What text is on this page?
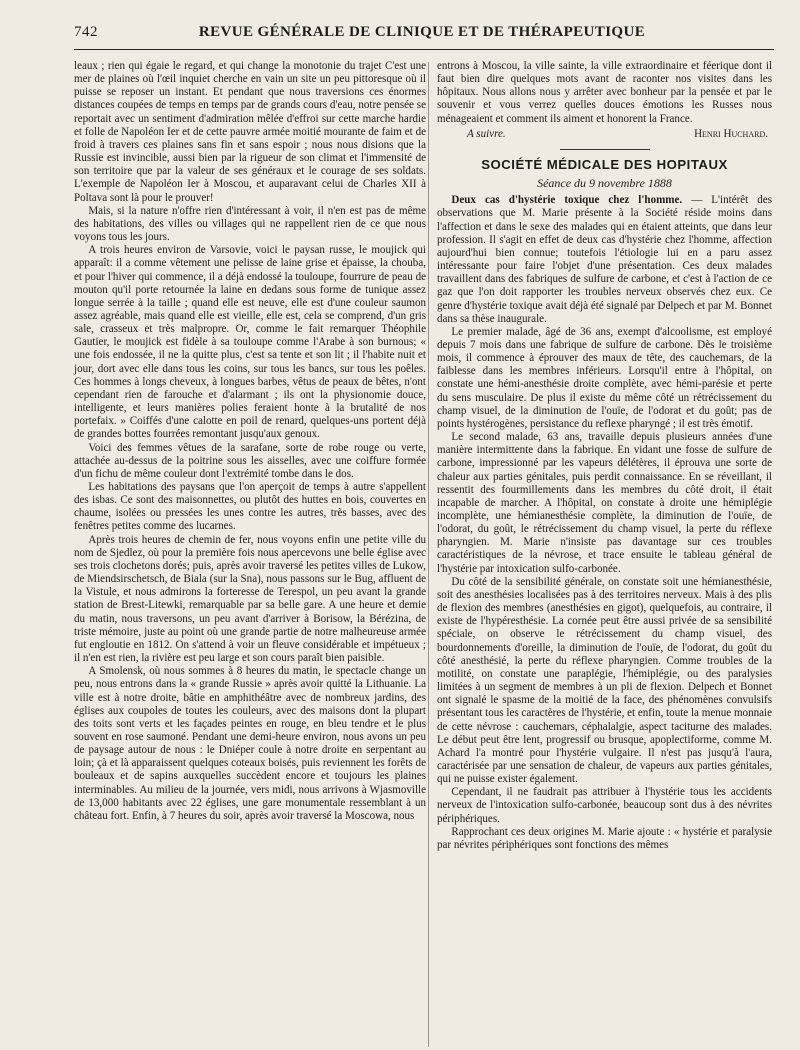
742	REVUE GÉNÉRALE DE CLINIQUE ET DE THÉRAPEUTIQUE

leaux ; rien qui égaie le regard, et qui change la monotonie du trajet C'est une mer de plaines où l'œil inquiet cherche en vain un site un peu pittoresque où il puisse se reposer un instant. Et pendant que nous traversions ces énormes distances coupées de temps en temps par de grands cours d'eau, notre pensée se reportait avec un sentiment d'admiration mêlée d'effroi sur cette marche hardie et folle de Napoléon Ier et de cette pauvre armée moitié mourante de faim et de froid à travers ces plaines sans fin et sans espoir ; nous nous disions que la Russie est invincible, aussi bien par la rigueur de son climat et l'immensité de son territoire que par la valeur de ses généraux et le courage de ses soldats. L'exemple de Napoléon Ier à Moscou, et auparavant celui de Charles XII à Poltava sont là pour le prouver!

Mais, si la nature n'offre rien d'intéressant à voir, il n'en est pas de même des habitations, des villes ou villages qui ne rappellent rien de ce que nous voyons tous les jours.

A trois heures environ de Varsovie, voici le paysan russe, le moujick qui apparaît: il a comme vêtement une pelisse de laine grise et épaisse, la chouba, et pour l'hiver qui commence, il a déjà endossé la touloupe, fourrure de peau de mouton qu'il porte retournée la laine en dedans sous forme de tunique assez longue serrée à la taille ; quand elle est neuve, elle est d'une couleur saumon assez agréable, mais quand elle est vieille, elle est, cela se comprend, d'un gris sale, crasseux et très malpropre. Or, comme le fait remarquer Théophile Gautier, le moujick est fidèle à sa touloupe comme l'Arabe à son burnous; « une fois endossée, il ne la quitte plus, c'est sa tente et son lit ; il l'habite nuit et jour, dort avec elle dans tous les coins, sur tous les bancs, sur tous les poêles. Ces hommes à longs cheveux, à longues barbes, vêtus de peaux de bêtes, n'ont cependant rien de farouche et d'alarmant ; ils ont la physionomie douce, intelligente, et leurs manières polies feraient honte à la brutalité de nos portefaix. » Coiffés d'une calotte en poil de renard, quelques-uns portent déjà de grandes bottes fourrées remontant jusqu'aux genoux.

Voici des femmes vêtues de la sarafane, sorte de robe rouge ou verte, attachée au-dessus de la poitrine sous les aisselles, avec une coiffure formée d'un fichu de même couleur dont l'extrémité tombe dans le dos.

Les habitations des paysans que l'on aperçoit de temps à autre s'appellent des isbas. Ce sont des maisonnettes, ou plutôt des huttes en bois, couvertes en chaume, isolées ou pressées les unes contre les autres, très basses, avec des fenêtres petites comme des lucarnes.

Après trois heures de chemin de fer, nous voyons enfin une petite ville du nom de Sjedlez, où pour la première fois nous apercevons une belle église avec ses trois clochetons dorés; puis, après avoir traversé les petites villes de Lukow, de Miendsirschetsch, de Biala (sur la Sna), nous passons sur le Bug, affluent de la Vistule, et nous admirons la forteresse de Terespol, un peu avant la grande station de Brest-Litewki, remarquable par sa belle gare. A une heure et demie du matin, nous traversons, un peu avant d'arriver à Borisow, la Bérézina, de triste mémoire, juste au point où une grande partie de notre malheureuse armée fut engloutie en 1812. On s'attend à voir un fleuve considérable et impétueux ; il n'en est rien, la rivière est peu large et son cours paraît bien paisible.

A Smolensk, où nous sommes à 8 heures du matin, le spectacle change un peu, nous entrons dans la « grande Russie » après avoir quitté la Lithuanie. La ville est à notre droite, bâtie en amphithéâtre avec de nombreux jardins, des églises aux coupoles de toutes les couleurs, avec des maisons dont la plupart des toits sont verts et les façades peintes en rouge, en bleu tendre et le plus souvent en rose saumoné. Pendant une demi-heure environ, nous avons un peu de paysage autour de nous : le Dniéper coule à notre droite en serpentant au loin; çà et là apparaissent quelques coteaux boisés, puis reviennent les forêts de bouleaux et de sapins auxquelles succèdent encore et toujours les plaines interminables. Au milieu de la journée, vers midi, nous arrivons à Wjasmoville de 13,000 habitants avec 22 églises, une gare monumentale ressemblant à un château fort. Enfin, à 7 heures du soir, après avoir traversé la Moscowa, nous

entrons à Moscou, la ville sainte, la ville extraordinaire et féerique dont il faut bien dire quelques mots avant de raconter nos visites dans les hôpitaux. Nous allons nous y arrêter avec bonheur par la pensée et par le souvenir et vous verrez quelles douces émotions les Russes nous ménageaient et comment ils aiment et honorent la France.

A suivre.	Henri Huchard.
SOCIÉTÉ MÉDICALE DES HOPITAUX
Séance du 9 novembre 1888

Deux cas d'hystérie toxique chez l'homme. — L'intérêt des observations que M. Marie présente à la Société réside moins dans l'affection et dans le sexe des malades qui en étaient atteints, que dans leur profession. Il s'agit en effet de deux cas d'hystérie chez l'homme, affection aujourd'hui bien connue; toutefois l'étiologie lui en a paru assez intéressante pour faire l'objet d'une présentation. Ces deux malades travaillent dans des fabriques de sulfure de carbone, et c'est à l'action de ce gaz que l'on doit rapporter les troubles nerveux observés chez eux. Ce genre d'hystérie toxique avait déjà été signalé par Delpech et par M. Bonnet dans sa thèse inaugurale.

Le premier malade, âgé de 36 ans, exempt d'alcoolisme, est employé depuis 7 mois dans une fabrique de sulfure de carbone. Dès le troisième mois, il commence à éprouver des maux de tête, des cauchemars, de la faiblesse dans les membres inférieurs. Lorsqu'il entre à l'hôpital, on constate une hémi-anesthésie droite complète, avec hémi-parésie et perte du sens musculaire. De plus il existe du même côté un rétrécissement du champ visuel, de la diminution de l'ouïe, de l'odorat et du goût; pas de points hystérogènes, persistance du reflexe pharyngé ; il est très émotif.

Le second malade, 63 ans, travaille depuis plusieurs années d'une manière intermittente dans la fabrique. En vidant une fosse de sulfure de carbone, impressionné par les vapeurs délétères, il éprouva une sorte de chaleur aux parties génitales, puis perdit connaissance. En se réveillant, il ressentit des fourmillements dans les membres du côté droit, il était incapable de marcher. A l'hôpital, on constate à droite une hémiplégie incomplète, une hémianesthésie complète, la diminution de l'ouïe, de l'odorat, du goût, le rétrécissement du champ visuel, la perte du réflexe pharyngien. M. Marie n'insiste pas davantage sur ces troubles caractéristiques de la névrose, et trace ensuite le tableau général de l'hystérie par intoxication sulfo-carbonée.

Du côté de la sensibilité générale, on constate soit une hémianesthésie, soit des anesthésies localisées pas à des territoires nerveux. Mais à des plis de flexion des membres (anesthésies en gigot), quelquefois, au contraire, il existe de l'hypéresthésie. La cornée peut être aussi privée de sa sensibilité spéciale, on observe le rétrécissement du champ visuel, des bourdonnements d'oreille, la diminution de l'ouïe, de l'odorat, du goût du côté anesthésié, la perte du réflexe pharyngien. Comme troubles de la motilité, on constate une paraplégie, l'hémiplégie, ou des paralysies limitées à un segment de membres à un pli de flexion. Delpech et Bonnet ont signalé le spasme de la moitié de la face, des phénomènes convulsifs présentant tous les caractères de l'hystérie, et enfin, toute la menue monnaie de cette névrose : cauchemars, céphalalgie, aspect taciturne des malades. Le début peut être lent, progressif ou brusque, apoplectiforme, comme M. Achard l'a montré pour l'hystérie vulgaire. Il n'est pas jusqu'à l'aura, caractérisée par une sensation de chaleur, de vapeurs aux parties génitales, qui ne puisse exister également.

Cependant, il ne faudrait pas attribuer à l'hystérie tous les accidents nerveux de l'intoxication sulfo-carbonée, beaucoup sont dus à des névrites périphériques.

Rapprochant ces deux origines M. Marie ajoute : « hystérie et paralysie par névrites périphériques sont fonctions des mêmes
